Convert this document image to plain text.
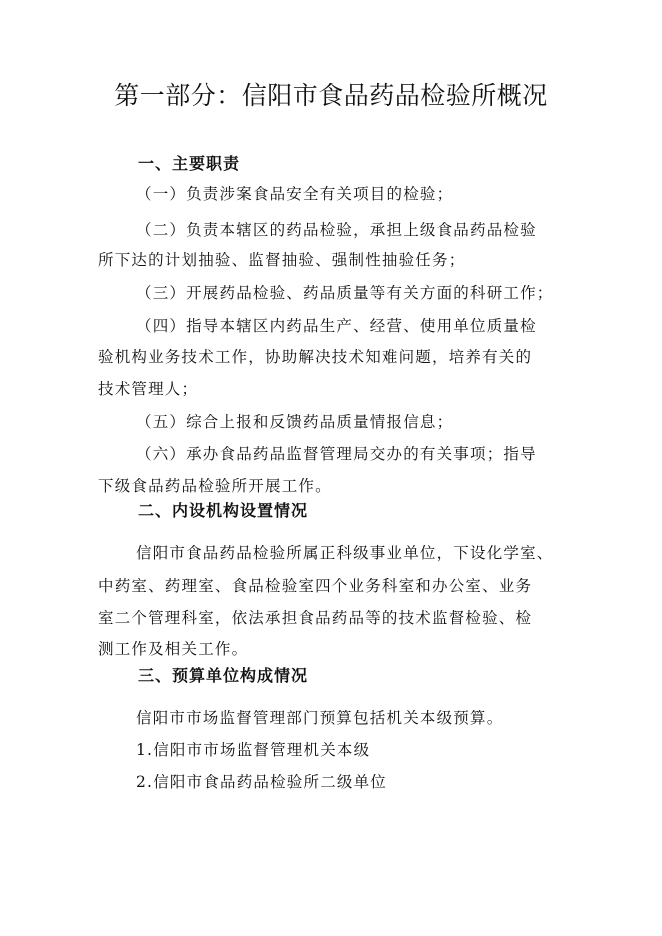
第一部分：信阳市食品药品检验所概况
一、主要职责
（一）负责涉案食品安全有关项目的检验；
（二）负责本辖区的药品检验，承担上级食品药品检验
所下达的计划抽验、监督抽验、强制性抽验任务；
（三）开展药品检验、药品质量等有关方面的科研工作；
（四）指导本辖区内药品生产、经营、使用单位质量检
验机构业务技术工作，协助解决技术知难问题，培养有关的
技术管理人；
（五）综合上报和反馈药品质量情报信息；
（六）承办食品药品监督管理局交办的有关事项；指导
下级食品药品检验所开展工作。
二、内设机构设置情况
信阳市食品药品检验所属正科级事业单位，下设化学室、
中药室、药理室、食品检验室四个业务科室和办公室、业务
室二个管理科室，依法承担食品药品等的技术监督检验、检
测工作及相关工作。
三、预算单位构成情况
信阳市市场监督管理部门预算包括机关本级预算。
1.信阳市市场监督管理机关本级
2.信阳市食品药品检验所二级单位
